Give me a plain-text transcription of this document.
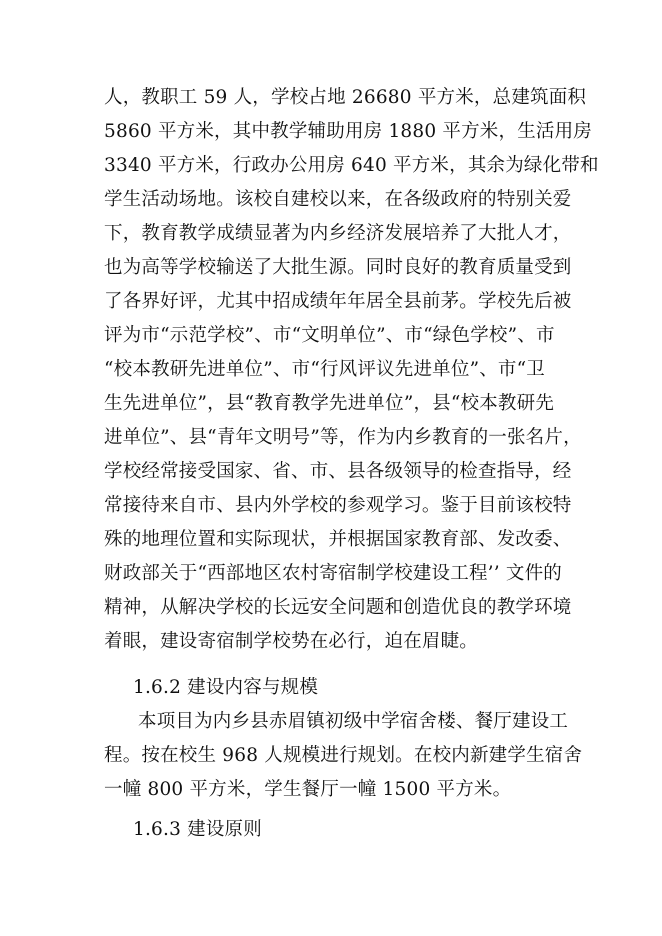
人，教职工 59 人，学校占地 26680 平方米，总建筑面积
5860 平方米，其中教学辅助用房 1880 平方米，生活用房
3340 平方米，行政办公用房 640 平方米，其余为绿化带和
学生活动场地。该校自建校以来，在各级政府的特别关爱
下，教育教学成绩显著为内乡经济发展培养了大批人才，
也为高等学校输送了大批生源。同时良好的教育质量受到
了各界好评，尤其中招成绩年年居全县前茅。学校先后被
评为市“示范学校”、市“文明单位”、市“绿色学校”、市
“校本教研先进单位”、市“行风评议先进单位”、市“卫
生先进单位”，县“教育教学先进单位”，县“校本教研先
进单位”、县“青年文明号”等，作为内乡教育的一张名片，
学校经常接受国家、省、市、县各级领导的检查指导，经
常接待来自市、县内外学校的参观学习。鉴于目前该校特
殊的地理位置和实际现状，并根据国家教育部、发改委、
财政部关于“西部地区农村寄宿制学校建设工程’’ 文件的
精神，从解决学校的长远安全问题和创造优良的教学环境
着眼，建设寄宿制学校势在必行，迫在眉睫。
1.6.2 建设内容与规模
本项目为内乡县赤眉镇初级中学宿舍楼、餐厅建设工
程。按在校生 968 人规模进行规划。在校内新建学生宿舍
一幢 800 平方米，学生餐厅一幢 1500 平方米。
1.6.3 建设原则
